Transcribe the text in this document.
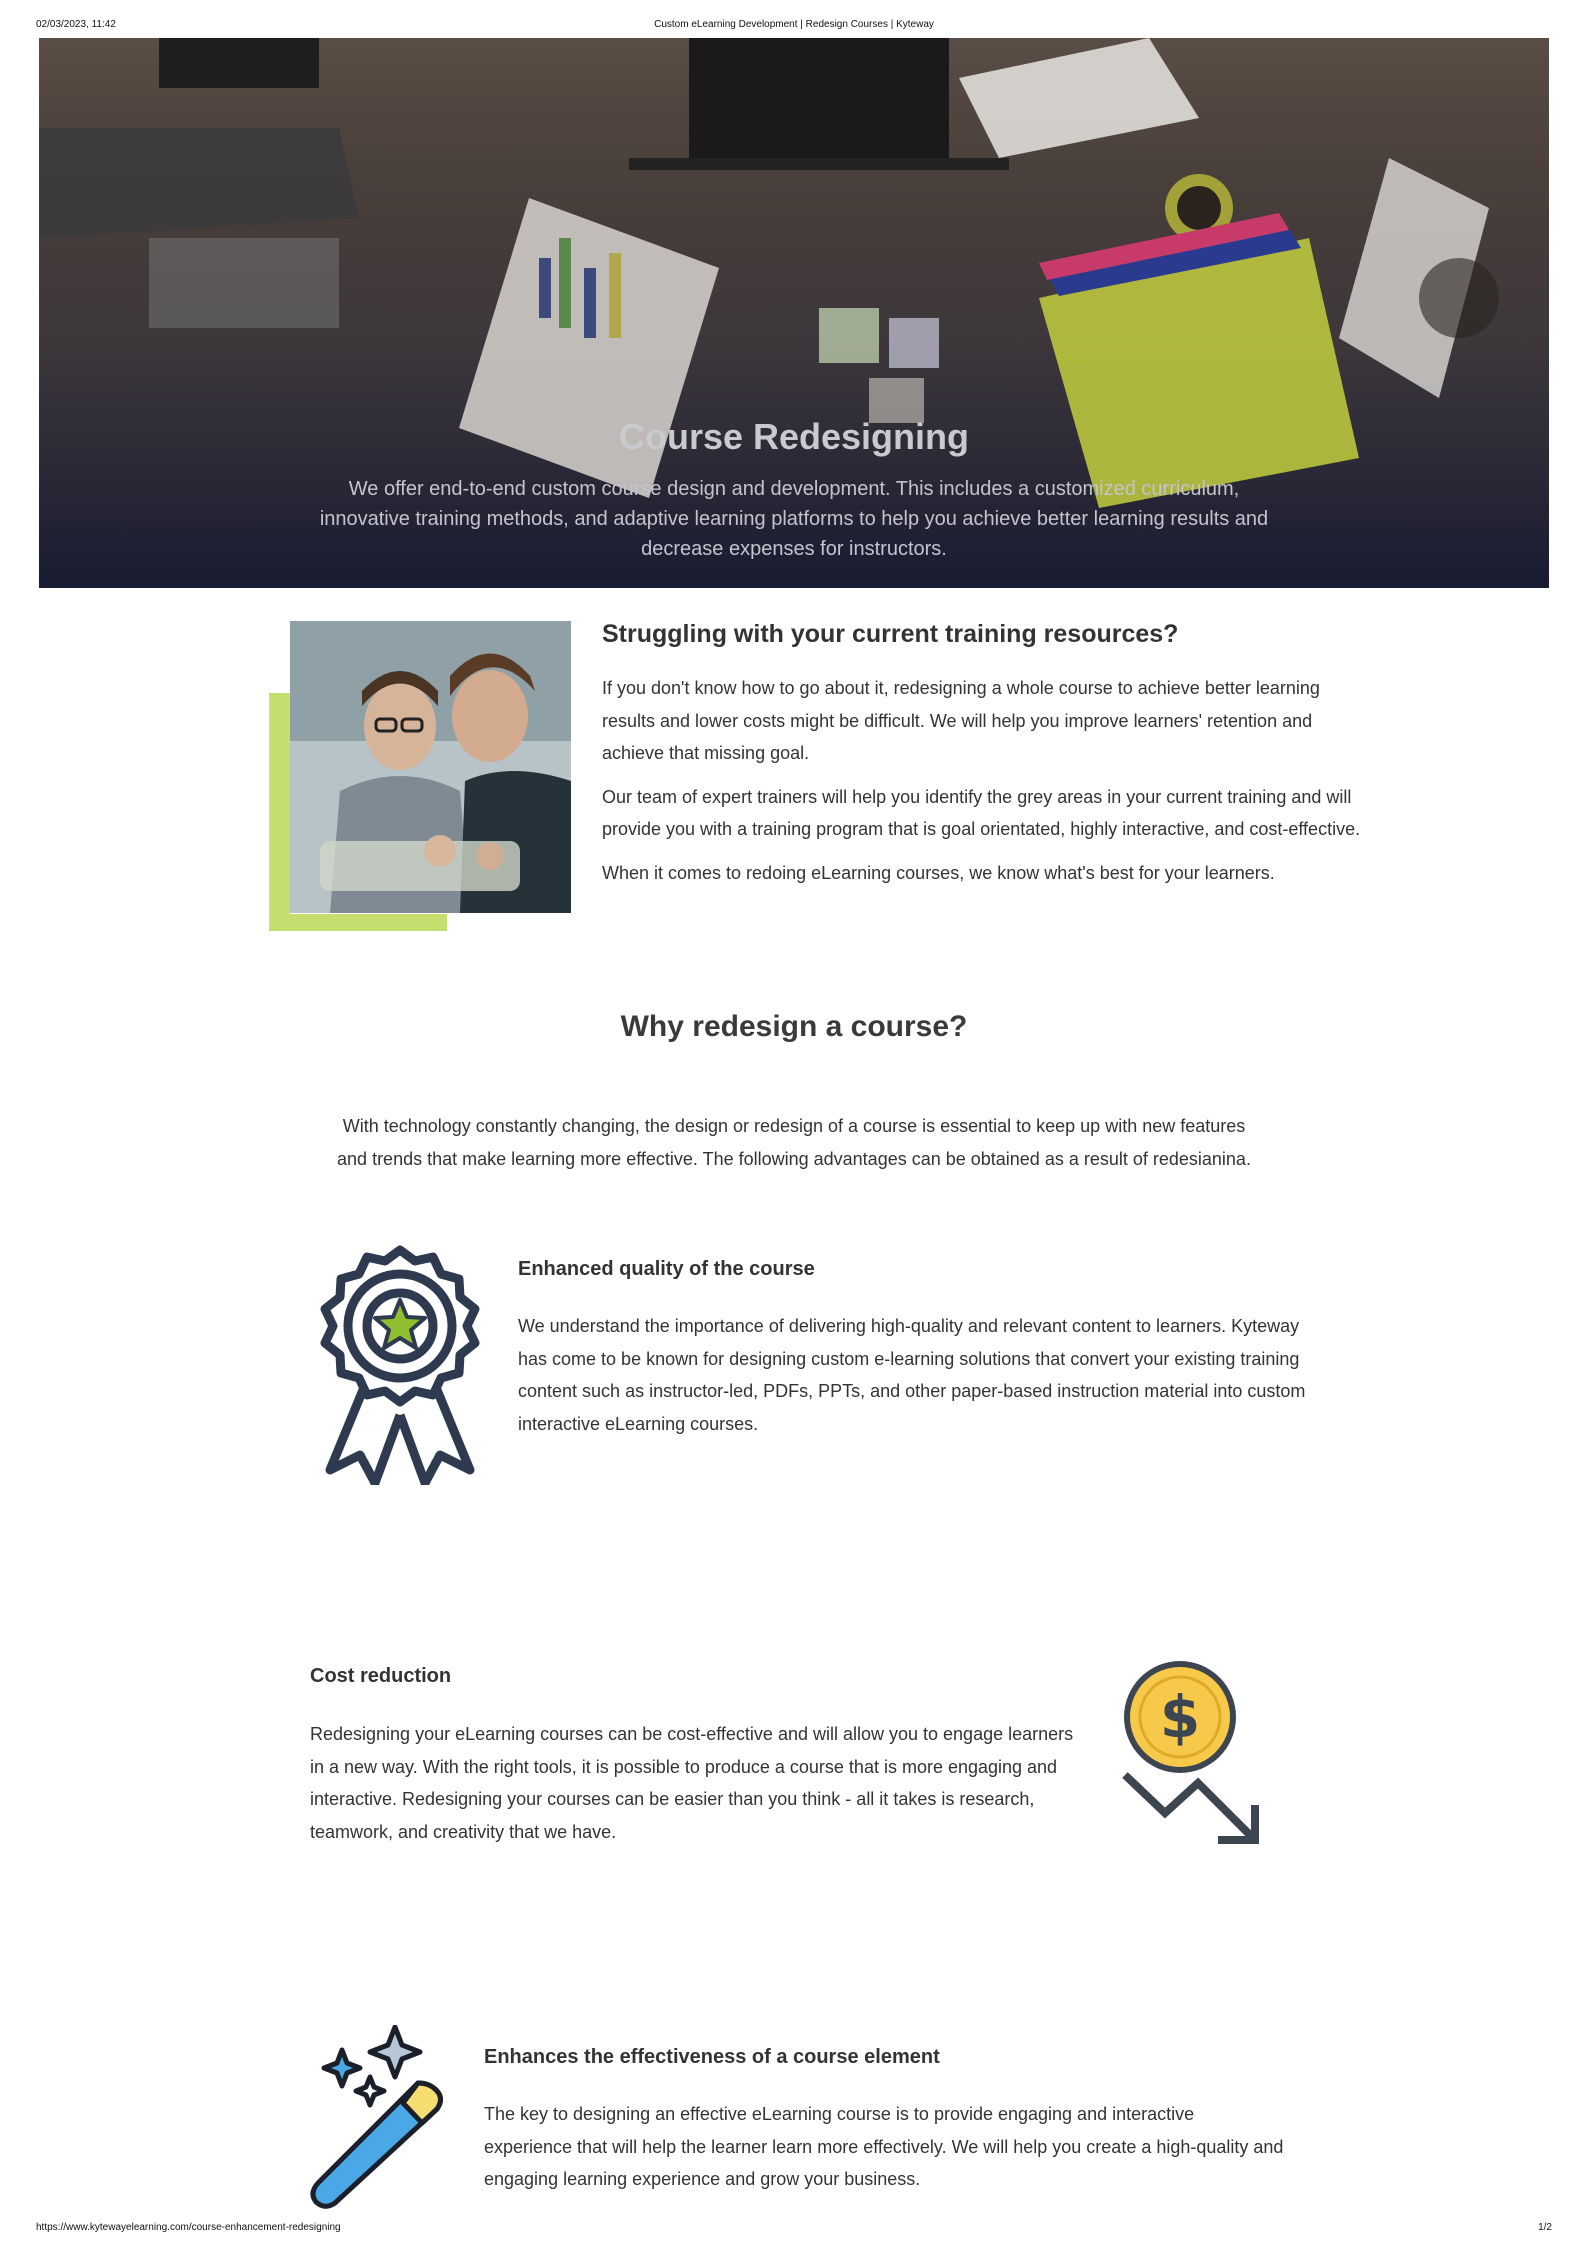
02/03/2023, 11:42	Custom eLearning Development | Redesign Courses | Kyteway
Course Redesigning
We offer end-to-end custom course design and development. This includes a customized curriculum, innovative training methods, and adaptive learning platforms to help you achieve better learning results and decrease expenses for instructors.
Struggling with your current training resources?

If you don't know how to go about it, redesigning a whole course to achieve better learning results and lower costs might be difficult. We will help you improve learners' retention and achieve that missing goal.

Our team of expert trainers will help you identify the grey areas in your current training and will provide you with a training program that is goal orientated, highly interactive, and cost-effective.

When it comes to redoing eLearning courses, we know what's best for your learners.

Why redesign a course?
With technology constantly changing, the design or redesign of a course is essential to keep up with new features and trends that make learning more effective. The following advantages can be obtained as a result of redesianina.
Enhanced quality of the course
We understand the importance of delivering high-quality and relevant content to learners. Kyteway has come to be known for designing custom e-learning solutions that convert your existing training content such as instructor-led, PDFs, PPTs, and other paper-based instruction material into custom interactive eLearning courses.
Cost reduction
Redesigning your eLearning courses can be cost-effective and will allow you to engage learners in a new way. With the right tools, it is possible to produce a course that is more engaging and interactive. Redesigning your courses can be easier than you think - all it takes is research, teamwork, and creativity that we have.
$
Enhances the effectiveness of a course element
The key to designing an effective eLearning course is to provide engaging and interactive experience that will help the learner learn more effectively. We will help you create a high-quality and engaging learning experience and grow your business.
https://www.kytewayelearning.com/course-enhancement-redesigning	1/2
